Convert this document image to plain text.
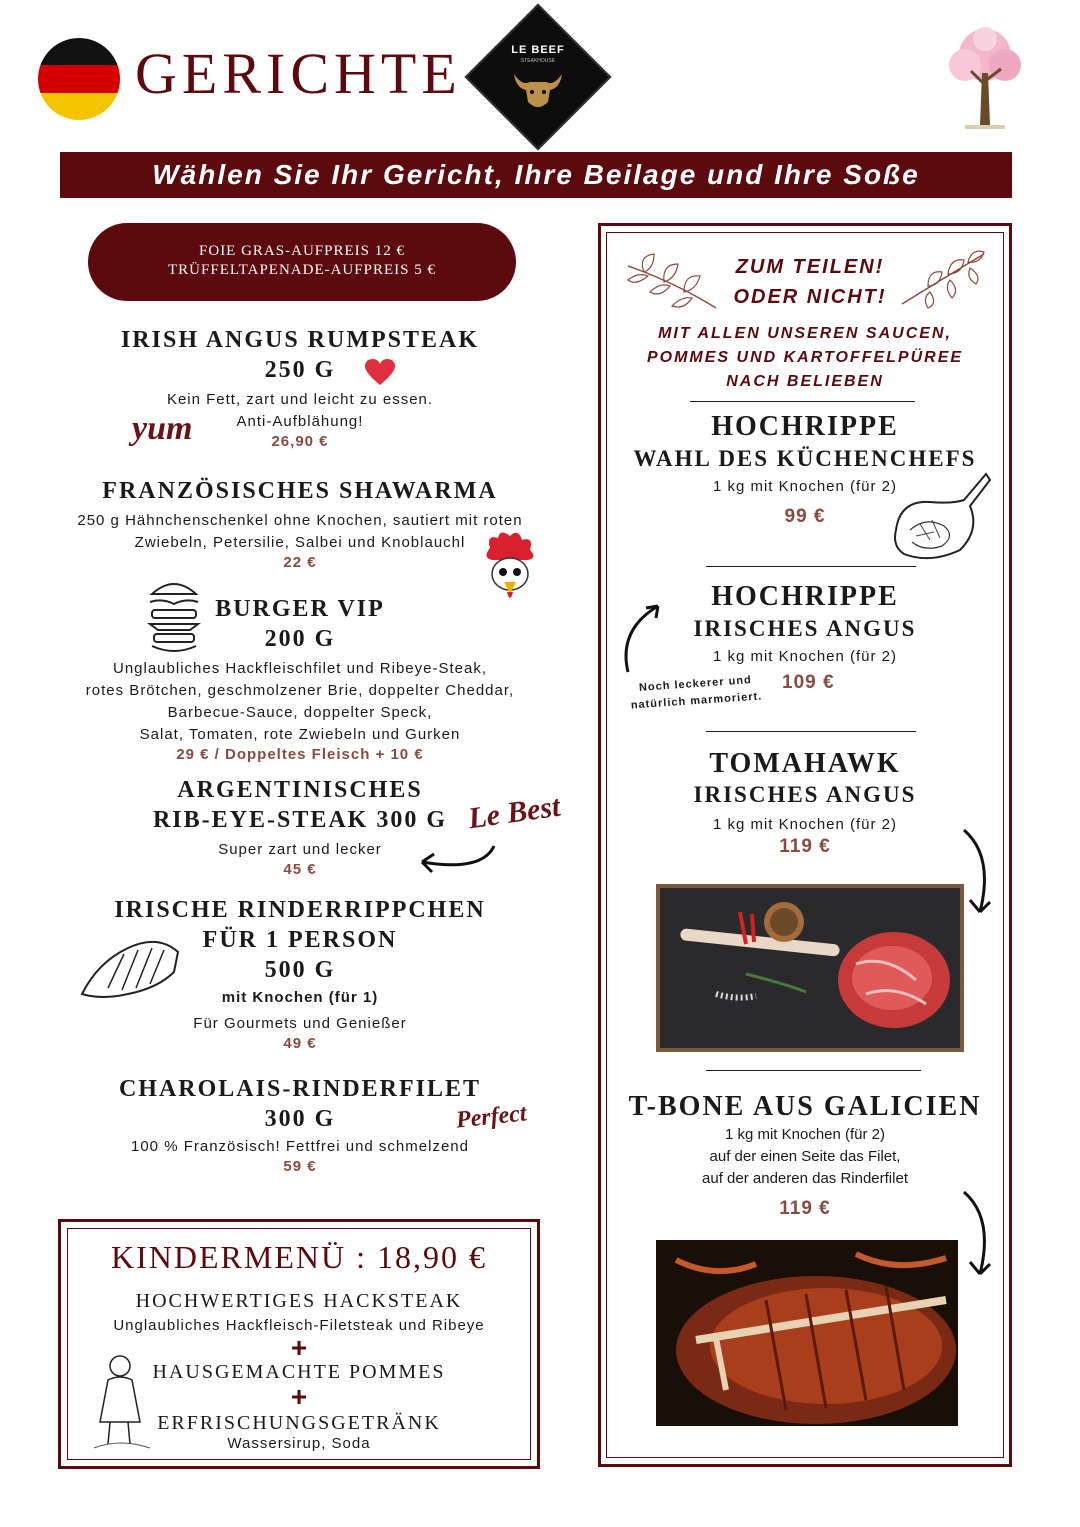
GERICHTE	LE BEEF
STEAKHOUSE
Wählen Sie Ihr Gericht, Ihre Beilage und Ihre Soße
FOIE GRAS-AUFPREIS 12 €
TRÜFFELTAPENADE-AUFPREIS 5 €
IRISH ANGUS RUMPSTEAK
250 G
Kein Fett, zart und leicht zu essen.
Anti-Aufblähung!
26,90 €
yum
FRANZÖSISCHES SHAWARMA
250 g Hähnchenschenkel ohne Knochen, sautiert mit roten
Zwiebeln, Petersilie, Salbei und Knoblauchl
22 €
BURGER VIP
200 G
Unglaubliches Hackfleischfilet und Ribeye-Steak,
rotes Brötchen, geschmolzener Brie, doppelter Cheddar,
Barbecue-Sauce, doppelter Speck,
Salat, Tomaten, rote Zwiebeln und Gurken
29 € / Doppeltes Fleisch + 10 €
ARGENTINISCHES
RIB-EYE-STEAK 300 G
Super zart und lecker
45 €
Le Best
IRISCHE RINDERRIPPCHEN
FÜR 1 PERSON
500 G
mit Knochen (für 1)
Für Gourmets und Genießer
49 €
CHAROLAIS-RINDERFILET
300 G
100 % Französisch! Fettfrei und schmelzend
59 €
Perfect
KINDERMENÜ : 18,90 €
HOCHWERTIGES HACKSTEAK
Unglaubliches Hackfleisch-Filetsteak und Ribeye
+
HAUSGEMACHTE POMMES
+
ERFRISCHUNGSGETRÄNK
Wassersirup, Soda
ZUM TEILEN!
ODER NICHT!
MIT ALLEN UNSEREN SAUCEN,
POMMES UND KARTOFFELPÜREE
NACH BELIEBEN
HOCHRIPPE
WAHL DES KÜCHENCHEFS
1 kg mit Knochen (für 2)
99 €
HOCHRIPPE
IRISCHES ANGUS
1 kg mit Knochen (für 2)
109 €
Noch leckerer und
natürlich marmoriert.
TOMAHAWK
IRISCHES ANGUS
1 kg mit Knochen (für 2)
119 €
T-BONE AUS GALICIEN
1 kg mit Knochen (für 2)
auf der einen Seite das Filet,
auf der anderen das Rinderfilet
119 €
